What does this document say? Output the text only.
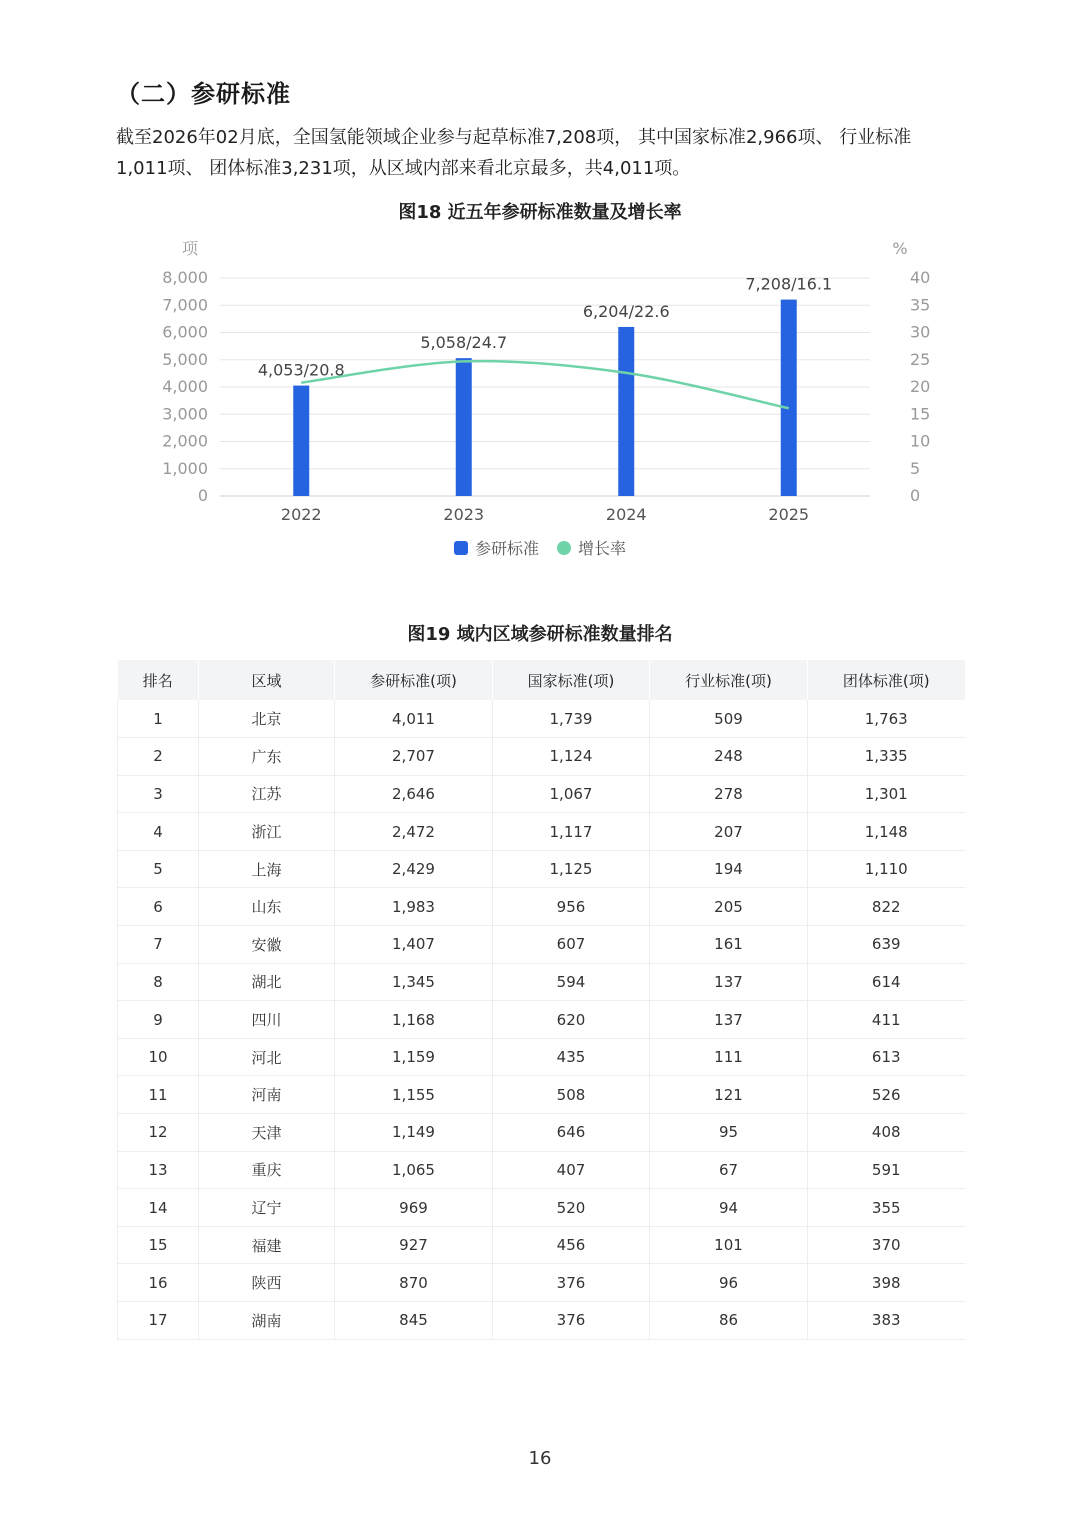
（二）参研标准

截至2026年02月底，全国氢能领域企业参与起草标准7,208项， 其中国家标准2,966项、 行业标准1,011项、 团体标准3,231项，从区域内部来看北京最多，共4,011项。

图18 近五年参研标准数量及增长率
0
1,000
2,000
3,000
4,000
5,000
6,000
7,000
8,000
0
5
10
15
20
25
30
35
40
项	%
4,053/20.8
5,058/24.7
6,204/22.6
7,208/16.1
2022	2023	2024	2025
参研标准 增长率
图19 域内区域参研标准数量排名
排名	区域	参研标准(项)	国家标准(项)	行业标准(项)	团体标准(项)
1	北京	4,011	1,739	509	1,763
2	广东	2,707	1,124	248	1,335
3	江苏	2,646	1,067	278	1,301
4	浙江	2,472	1,117	207	1,148
5	上海	2,429	1,125	194	1,110
6	山东	1,983	956	205	822
7	安徽	1,407	607	161	639
8	湖北	1,345	594	137	614
9	四川	1,168	620	137	411
10	河北	1,159	435	111	613
11	河南	1,155	508	121	526
12	天津	1,149	646	95	408
13	重庆	1,065	407	67	591
14	辽宁	969	520	94	355
15	福建	927	456	101	370
16	陕西	870	376	96	398
17	湖南	845	376	86	383
16
